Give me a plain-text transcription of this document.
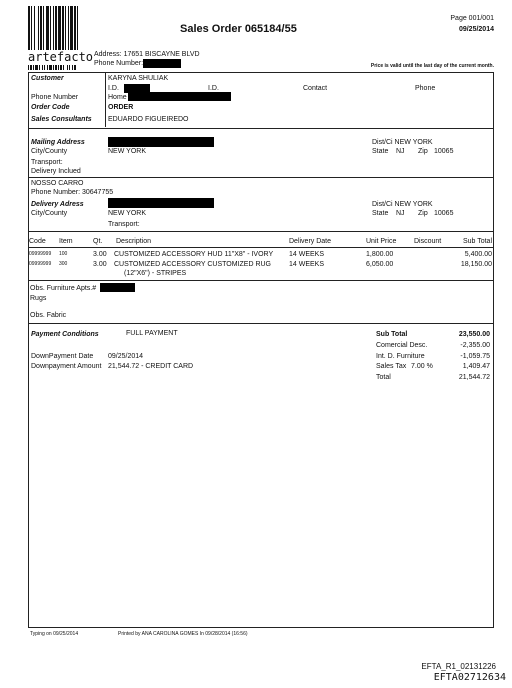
artefacto
Sales Order 065184/55
Page 001/001
09/25/2014
Address: 17651 BISCAYNE BLVD
Phone Number:	Price is valid until the last day of the current month.
Customer	KARYNA SHULIAK
I.D.	I.D.	Contact	Phone
Phone Number	Home
Order Code	ORDER
Sales Consultants EDUARDO FIGUEIREDO
Mailing Address	Dist/Ci NEW YORK
City/County	NEW YORK	State NJ Zip 10065
Transport:
Delivery Inclued
NOSSO CARRO
Phone Number: 30647755
Delivery Adress	Dist/Ci NEW YORK
City/County	NEW YORK	State NJ Zip 10065
Transport:
Code Item	Qt. Description	Delivery Date	Unit Price	Discount	Sub Total
09999999 100	3.00 CUSTOMIZED ACCESSORY HUD 11"X8" - IVORY 14 WEEKS	1,800.00	5,400.00
09999999 300	3.00 CUSTOMIZED ACCESSORY CUSTOMIZED RUG
(12"X6") - STRIPES
14 WEEKS	6,050.00	18,150.00
Obs. Furniture Apts.#
Rugs
Obs. Fabric
Payment Conditions	FULL PAYMENT
DownPayment Date 09/25/2014
Downpayment Amount 21,544.72 - CREDIT CARD
Sub Total	23,550.00
Comercial Desc.	-2,355.00
Int. D. Furniture	-1,059.75
Sales Tax 7.00 %	1,409.47
Total	21,544.72
Typing on 09/25/2014	Printed by ANA CAROLINA GOMES In 09/28/2014 (16:56)
EFTA_R1_02131226
EFTA02712634
